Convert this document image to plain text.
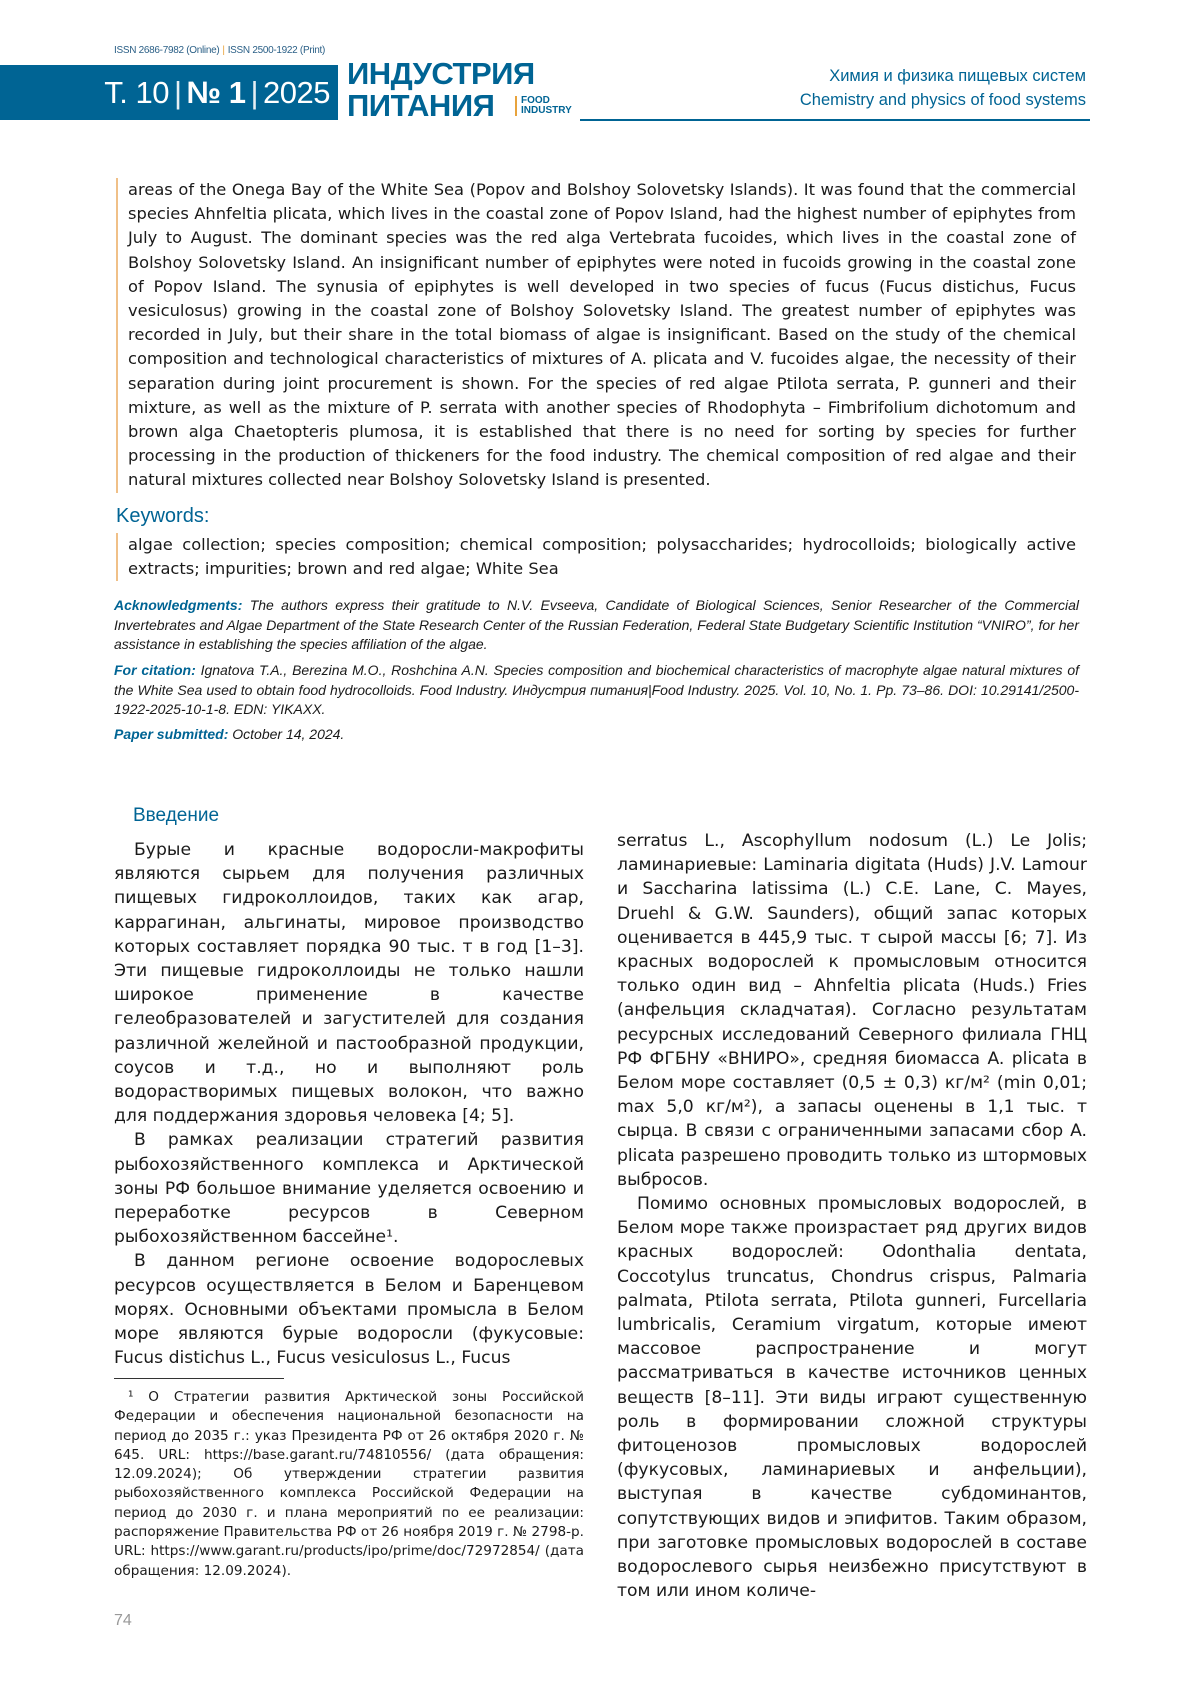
ISSN 2686-7982 (Online) | ISSN 2500-1922 (Print)
Т. 10 | № 1 | 2025
ИНДУСТРИЯ
ПИТАНИЯ	FOOD
INDUSTRY
Химия и физика пищевых систем
Chemistry and physics of food systems
areas of the Onega Bay of the White Sea (Popov and Bolshoy Solovetsky Islands). It was found that the commercial species Ahnfeltia plicata, which lives in the coastal zone of Popov Island, had the highest number of epiphytes from July to August. The dominant species was the red alga Vertebrata fucoides, which lives in the coastal zone of Bolshoy Solovetsky Island. An insignificant number of epiphytes were noted in fucoids growing in the coastal zone of Popov Island. The synusia of epiphytes is well developed in two species of fucus (Fucus distichus, Fucus vesiculosus) growing in the coastal zone of Bolshoy Solovetsky Island. The greatest number of epiphytes was recorded in July, but their share in the total biomass of algae is insignificant. Based on the study of the chemical composition and technological characteristics of mixtures of A. plicata and V. fucoides algae, the necessity of their separation during joint procurement is shown. For the species of red algae Ptilota serrata, P. gunneri and their mixture, as well as the mixture of P. serrata with another species of Rhodophyta – Fimbrifolium dichotomum and brown alga Chaetopteris plumosa, it is established that there is no need for sorting by species for further processing in the production of thickeners for the food industry. The chemical composition of red algae and their natural mixtures collected near Bolshoy Solovetsky Island is presented.
Keywords:
algae collection; species composition; chemical composition; polysaccharides; hydrocolloids; biologically active extracts; impurities; brown and red algae; White Sea
Acknowledgments: The authors express their gratitude to N.V. Evseeva, Candidate of Biological Sciences, Senior Researcher of the Commercial Invertebrates and Algae Department of the State Research Center of the Russian Federation, Federal State Budgetary Scientific Institution “VNIRO”, for her assistance in establishing the species affiliation of the algae.
For citation: Ignatova T.A., Berezina M.O., Roshchina A.N. Species composition and biochemical characteristics of macrophyte algae natural mixtures of the White Sea used to obtain food hydrocolloids. Food Industry. Индустрия питания|Food Industry. 2025. Vol. 10, No. 1. Pp. 73–86. DOI: 10.29141/2500-1922-2025-10-1-8. EDN: YIKAXX.
Paper submitted: October 14, 2024.
Введение

Бурые и красные водоросли-макрофиты являются сырьем для получения различных пищевых гидроколлоидов, таких как агар, каррагинан, альгинаты, мировое производство которых составляет порядка 90 тыс. т в год [1–3]. Эти пищевые гидроколлоиды не только нашли широкое применение в качестве гелеобразователей и загустителей для создания различной желейной и пастообразной продукции, соусов и т.д., но и выполняют роль водорастворимых пищевых волокон, что важно для поддержания здоровья человека [4; 5].

В рамках реализации стратегий развития рыбохозяйственного комплекса и Арктической зоны РФ большое внимание уделяется освоению и переработке ресурсов в Северном рыбохозяйственном бассейне¹.

В данном регионе освоение водорослевых ресурсов осуществляется в Белом и Баренцевом морях. Основными объектами промысла в Белом море являются бурые водоросли (фукусовые: Fucus distichus L., Fucus vesiculosus L., Fucus

serratus L., Ascophyllum nodosum (L.) Le Jolis; ламинариевые: Laminaria digitata (Huds) J.V. Lamour и Saccharina latissima (L.) C.E. Lane, C. Mayes, Druehl & G.W. Saunders), общий запас которых оценивается в 445,9 тыс. т сырой массы [6; 7]. Из красных водорослей к промысловым относится только один вид – Ahnfeltia plicata (Huds.) Fries (анфельция складчатая). Согласно результатам ресурсных исследований Северного филиала ГНЦ РФ ФГБНУ «ВНИРО», средняя биомасса A. plicata в Белом море составляет (0,5 ± 0,3) кг/м² (min 0,01; max 5,0 кг/м²), а запасы оценены в 1,1 тыс. т сырца. В связи с ограниченными запасами сбор A. plicata разрешено проводить только из штормовых выбросов.

Помимо основных промысловых водорослей, в Белом море также произрастает ряд других видов красных водорослей: Odonthalia dentata, Coccotylus truncatus, Chondrus crispus, Palmaria palmata, Ptilota serrata, Ptilota gunneri, Furcellaria lumbricalis, Ceramium virgatum, которые имеют массовое распространение и могут рассматриваться в качестве источников ценных веществ [8–11]. Эти виды играют существенную роль в формировании сложной структуры фитоценозов промысловых водорослей (фукусовых, ламинариевых и анфельции), выступая в качестве субдоминантов, сопутствующих видов и эпифитов. Таким образом, при заготовке промысловых водорослей в составе водорослевого сырья неизбежно присутствуют в том или ином количе-

¹ О Стратегии развития Арктической зоны Российской Федерации и обеспечения национальной безопасности на период до 2035 г.: указ Президента РФ от 26 октября 2020 г. № 645. URL: https://base.garant.ru/74810556/ (дата обращения: 12.09.2024); Об утверждении стратегии развития рыбохозяйственного комплекса Российской Федерации на период до 2030 г. и плана мероприятий по ее реализации: распоряжение Правительства РФ от 26 ноября 2019 г. № 2798-р. URL: https://www.garant.ru/products/ipo/prime/doc/72972854/ (дата обращения: 12.09.2024).
74
